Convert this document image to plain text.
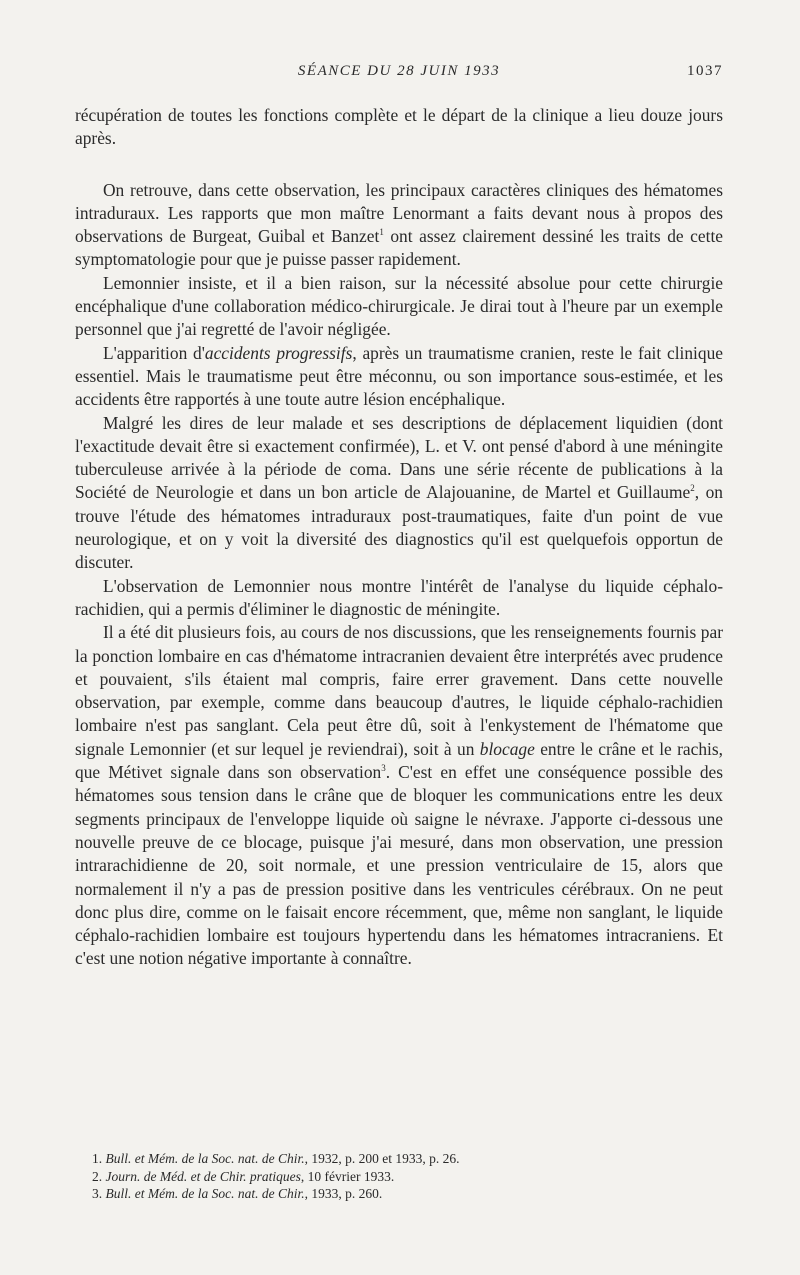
SÉANCE DU 28 JUIN 1933	1037

récupération de toutes les fonctions complète et le départ de la clinique a lieu douze jours après.

On retrouve, dans cette observation, les principaux caractères cliniques des hématomes intraduraux. Les rapports que mon maître Lenormant a faits devant nous à propos des observations de Burgeat, Guibal et Banzet$^1$ ont assez clairement dessiné les traits de cette symptomatologie pour que je puisse passer rapidement.

Lemonnier insiste, et il a bien raison, sur la nécessité absolue pour cette chirurgie encéphalique d'une collaboration médico-chirurgicale. Je dirai tout à l'heure par un exemple personnel que j'ai regretté de l'avoir négligée.

L'apparition d'accidents progressifs, après un traumatisme cranien, reste le fait clinique essentiel. Mais le traumatisme peut être méconnu, ou son importance sous-estimée, et les accidents être rapportés à une toute autre lésion encéphalique.

Malgré les dires de leur malade et ses descriptions de déplacement liquidien (dont l'exactitude devait être si exactement confirmée), L. et V. ont pensé d'abord à une méningite tuberculeuse arrivée à la période de coma. Dans une série récente de publications à la Société de Neurologie et dans un bon article de Alajouanine, de Martel et Guillaume$^2$, on trouve l'étude des hématomes intraduraux post-traumatiques, faite d'un point de vue neurologique, et on y voit la diversité des diagnostics qu'il est quelquefois opportun de discuter.

L'observation de Lemonnier nous montre l'intérêt de l'analyse du liquide céphalo-rachidien, qui a permis d'éliminer le diagnostic de méningite.

Il a été dit plusieurs fois, au cours de nos discussions, que les renseignements fournis par la ponction lombaire en cas d'hématome intracranien devaient être interprétés avec prudence et pouvaient, s'ils étaient mal compris, faire errer gravement. Dans cette nouvelle observation, par exemple, comme dans beaucoup d'autres, le liquide céphalo-rachidien lombaire n'est pas sanglant. Cela peut être dû, soit à l'enkystement de l'hématome que signale Lemonnier (et sur lequel je reviendrai), soit à un blocage entre le crâne et le rachis, que Métivet signale dans son observation$^3$. C'est en effet une conséquence possible des hématomes sous tension dans le crâne que de bloquer les communications entre les deux segments principaux de l'enveloppe liquide où saigne le névraxe. J'apporte ci-dessous une nouvelle preuve de ce blocage, puisque j'ai mesuré, dans mon observation, une pression intrarachidienne de 20, soit normale, et une pression ventriculaire de 15, alors que normalement il n'y a pas de pression positive dans les ventricules cérébraux. On ne peut donc plus dire, comme on le faisait encore récemment, que, même non sanglant, le liquide céphalo-rachidien lombaire est toujours hypertendu dans les hématomes intracraniens. Et c'est une notion négative importante à connaître.

1. Bull. et Mém. de la Soc. nat. de Chir., 1932, p. 200 et 1933, p. 26.

2. Journ. de Méd. et de Chir. pratiques, 10 février 1933.

3. Bull. et Mém. de la Soc. nat. de Chir., 1933, p. 260.
